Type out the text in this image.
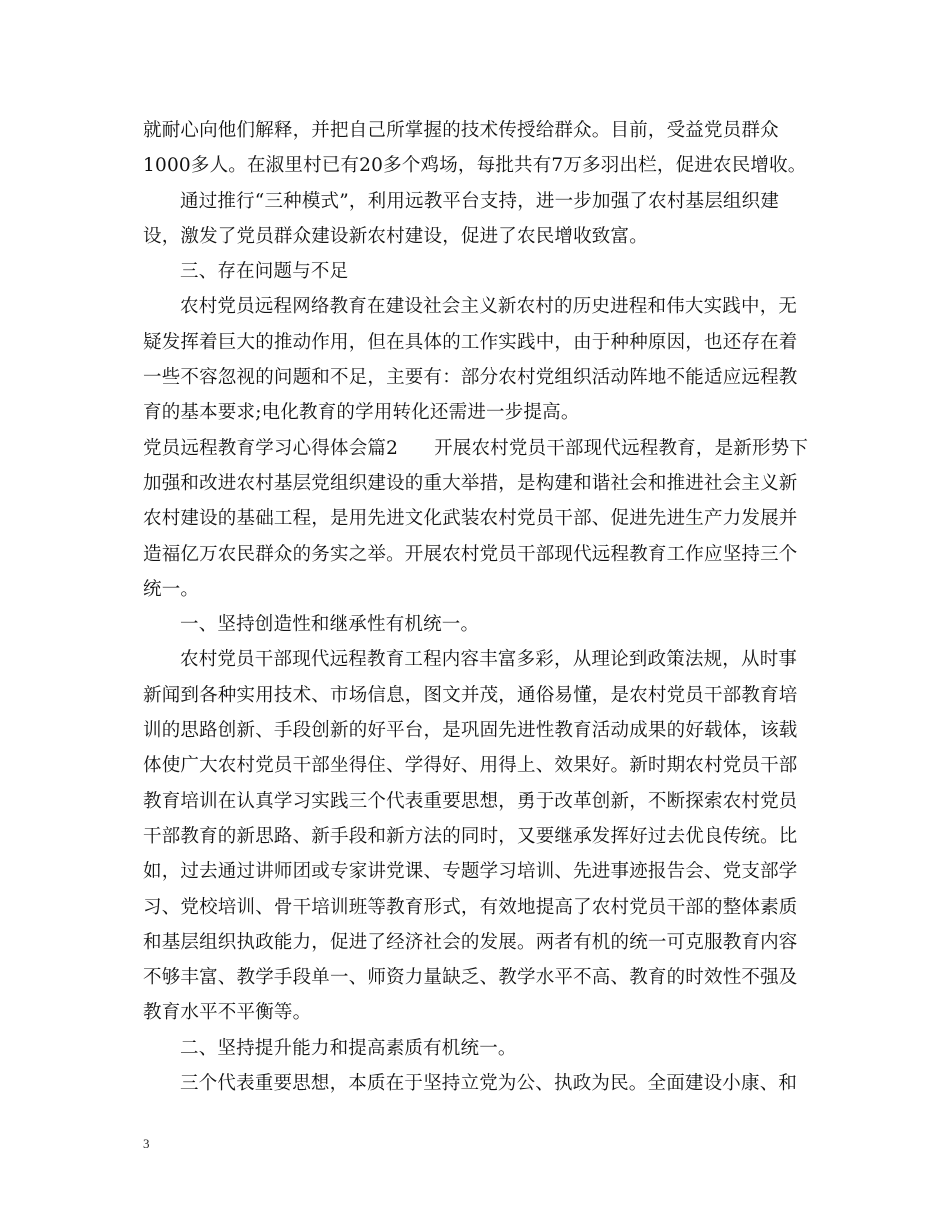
就耐心向他们解释，并把自己所掌握的技术传授给群众。目前，受益党员群众
1000多人。在淑里村已有20多个鸡场，每批共有7万多羽出栏，促进农民增收。
通过推行“三种模式”，利用远教平台支持，进一步加强了农村基层组织建
设，激发了党员群众建设新农村建设，促进了农民增收致富。
三、存在问题与不足
农村党员远程网络教育在建设社会主义新农村的历史进程和伟大实践中，无
疑发挥着巨大的推动作用，但在具体的工作实践中，由于种种原因，也还存在着
一些不容忽视的问题和不足，主要有：部分农村党组织活动阵地不能适应远程教
育的基本要求;电化教育的学用转化还需进一步提高。
党员远程教育学习心得体会篇2 开展农村党员干部现代远程教育，是新形势下
加强和改进农村基层党组织建设的重大举措，是构建和谐社会和推进社会主义新
农村建设的基础工程，是用先进文化武装农村党员干部、促进先进生产力发展并
造福亿万农民群众的务实之举。开展农村党员干部现代远程教育工作应坚持三个
统一。
一、坚持创造性和继承性有机统一。
农村党员干部现代远程教育工程内容丰富多彩，从理论到政策法规，从时事
新闻到各种实用技术、市场信息，图文并茂，通俗易懂，是农村党员干部教育培
训的思路创新、手段创新的好平台，是巩固先进性教育活动成果的好载体，该载
体使广大农村党员干部坐得住、学得好、用得上、效果好。新时期农村党员干部
教育培训在认真学习实践三个代表重要思想，勇于改革创新，不断探索农村党员
干部教育的新思路、新手段和新方法的同时，又要继承发挥好过去优良传统。比
如，过去通过讲师团或专家讲党课、专题学习培训、先进事迹报告会、党支部学
习、党校培训、骨干培训班等教育形式，有效地提高了农村党员干部的整体素质
和基层组织执政能力，促进了经济社会的发展。两者有机的统一可克服教育内容
不够丰富、教学手段单一、师资力量缺乏、教学水平不高、教育的时效性不强及
教育水平不平衡等。
二、坚持提升能力和提高素质有机统一。
三个代表重要思想，本质在于坚持立党为公、执政为民。全面建设小康、和
3
